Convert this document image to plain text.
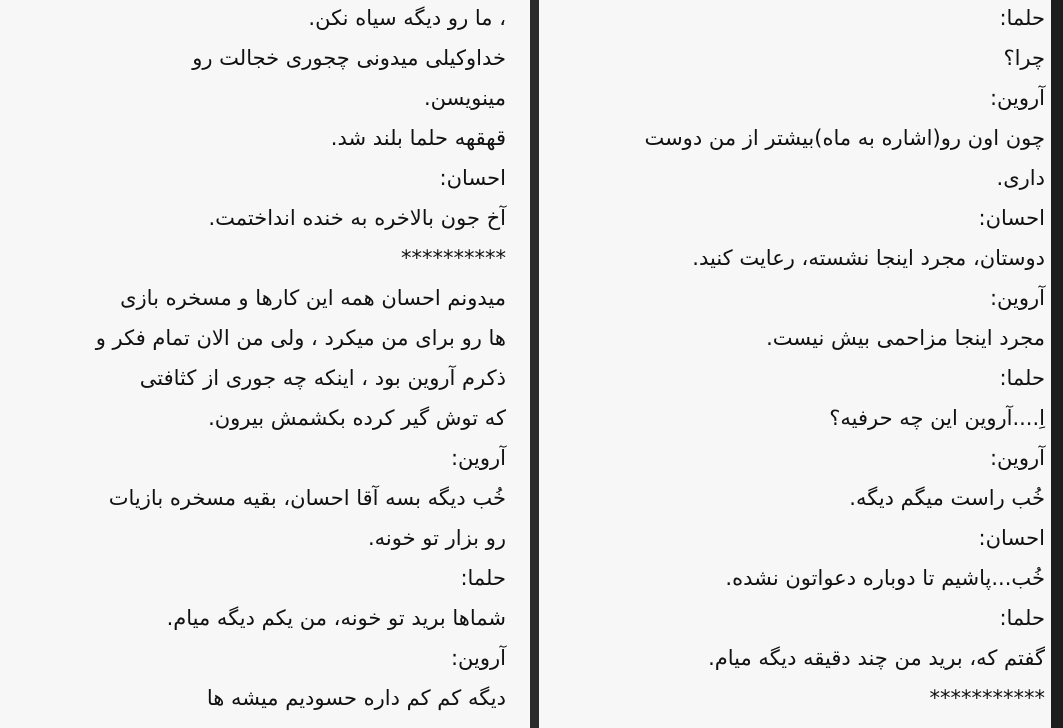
، ما رو دیگه سیاه نکن.
خداوکیلی میدونی چجوری خجالت رو
مینویسن.
قهقهه حلما بلند شد.
احسان:
آخ جون بالاخره به خنده انداختمت.
**********
میدونم احسان همه این کارها و مسخره بازی
ها رو برای من میکرد ، ولی من الان تمام فکر و
ذکرم آروین بود ، اینکه چه جوری از کثافتی
که توش گیر کرده بکشمش بیرون.
آروین:
خُب دیگه بسه آقا احسان، بقیه مسخره بازیات
رو بزار تو خونه.
حلما:
شماها برید تو خونه، من یکم دیگه میام.
آروین:
دیگه کم کم داره حسودیم میشه ها
حلما:
چرا؟
آروین:
چون اون رو(اشاره به ماه)بیشتر از من دوست
داری.
احسان:
دوستان، مجرد اینجا نشسته، رعایت کنید.
آروین:
مجرد اینجا مزاحمی بیش نیست.
حلما:
اِ....آروین این چه حرفیه؟
آروین:
خُب راست میگم دیگه.
احسان:
خُب...پاشیم تا دوباره دعواتون نشده.
حلما:
گفتم که، برید من چند دقیقه دیگه میام.
***********
